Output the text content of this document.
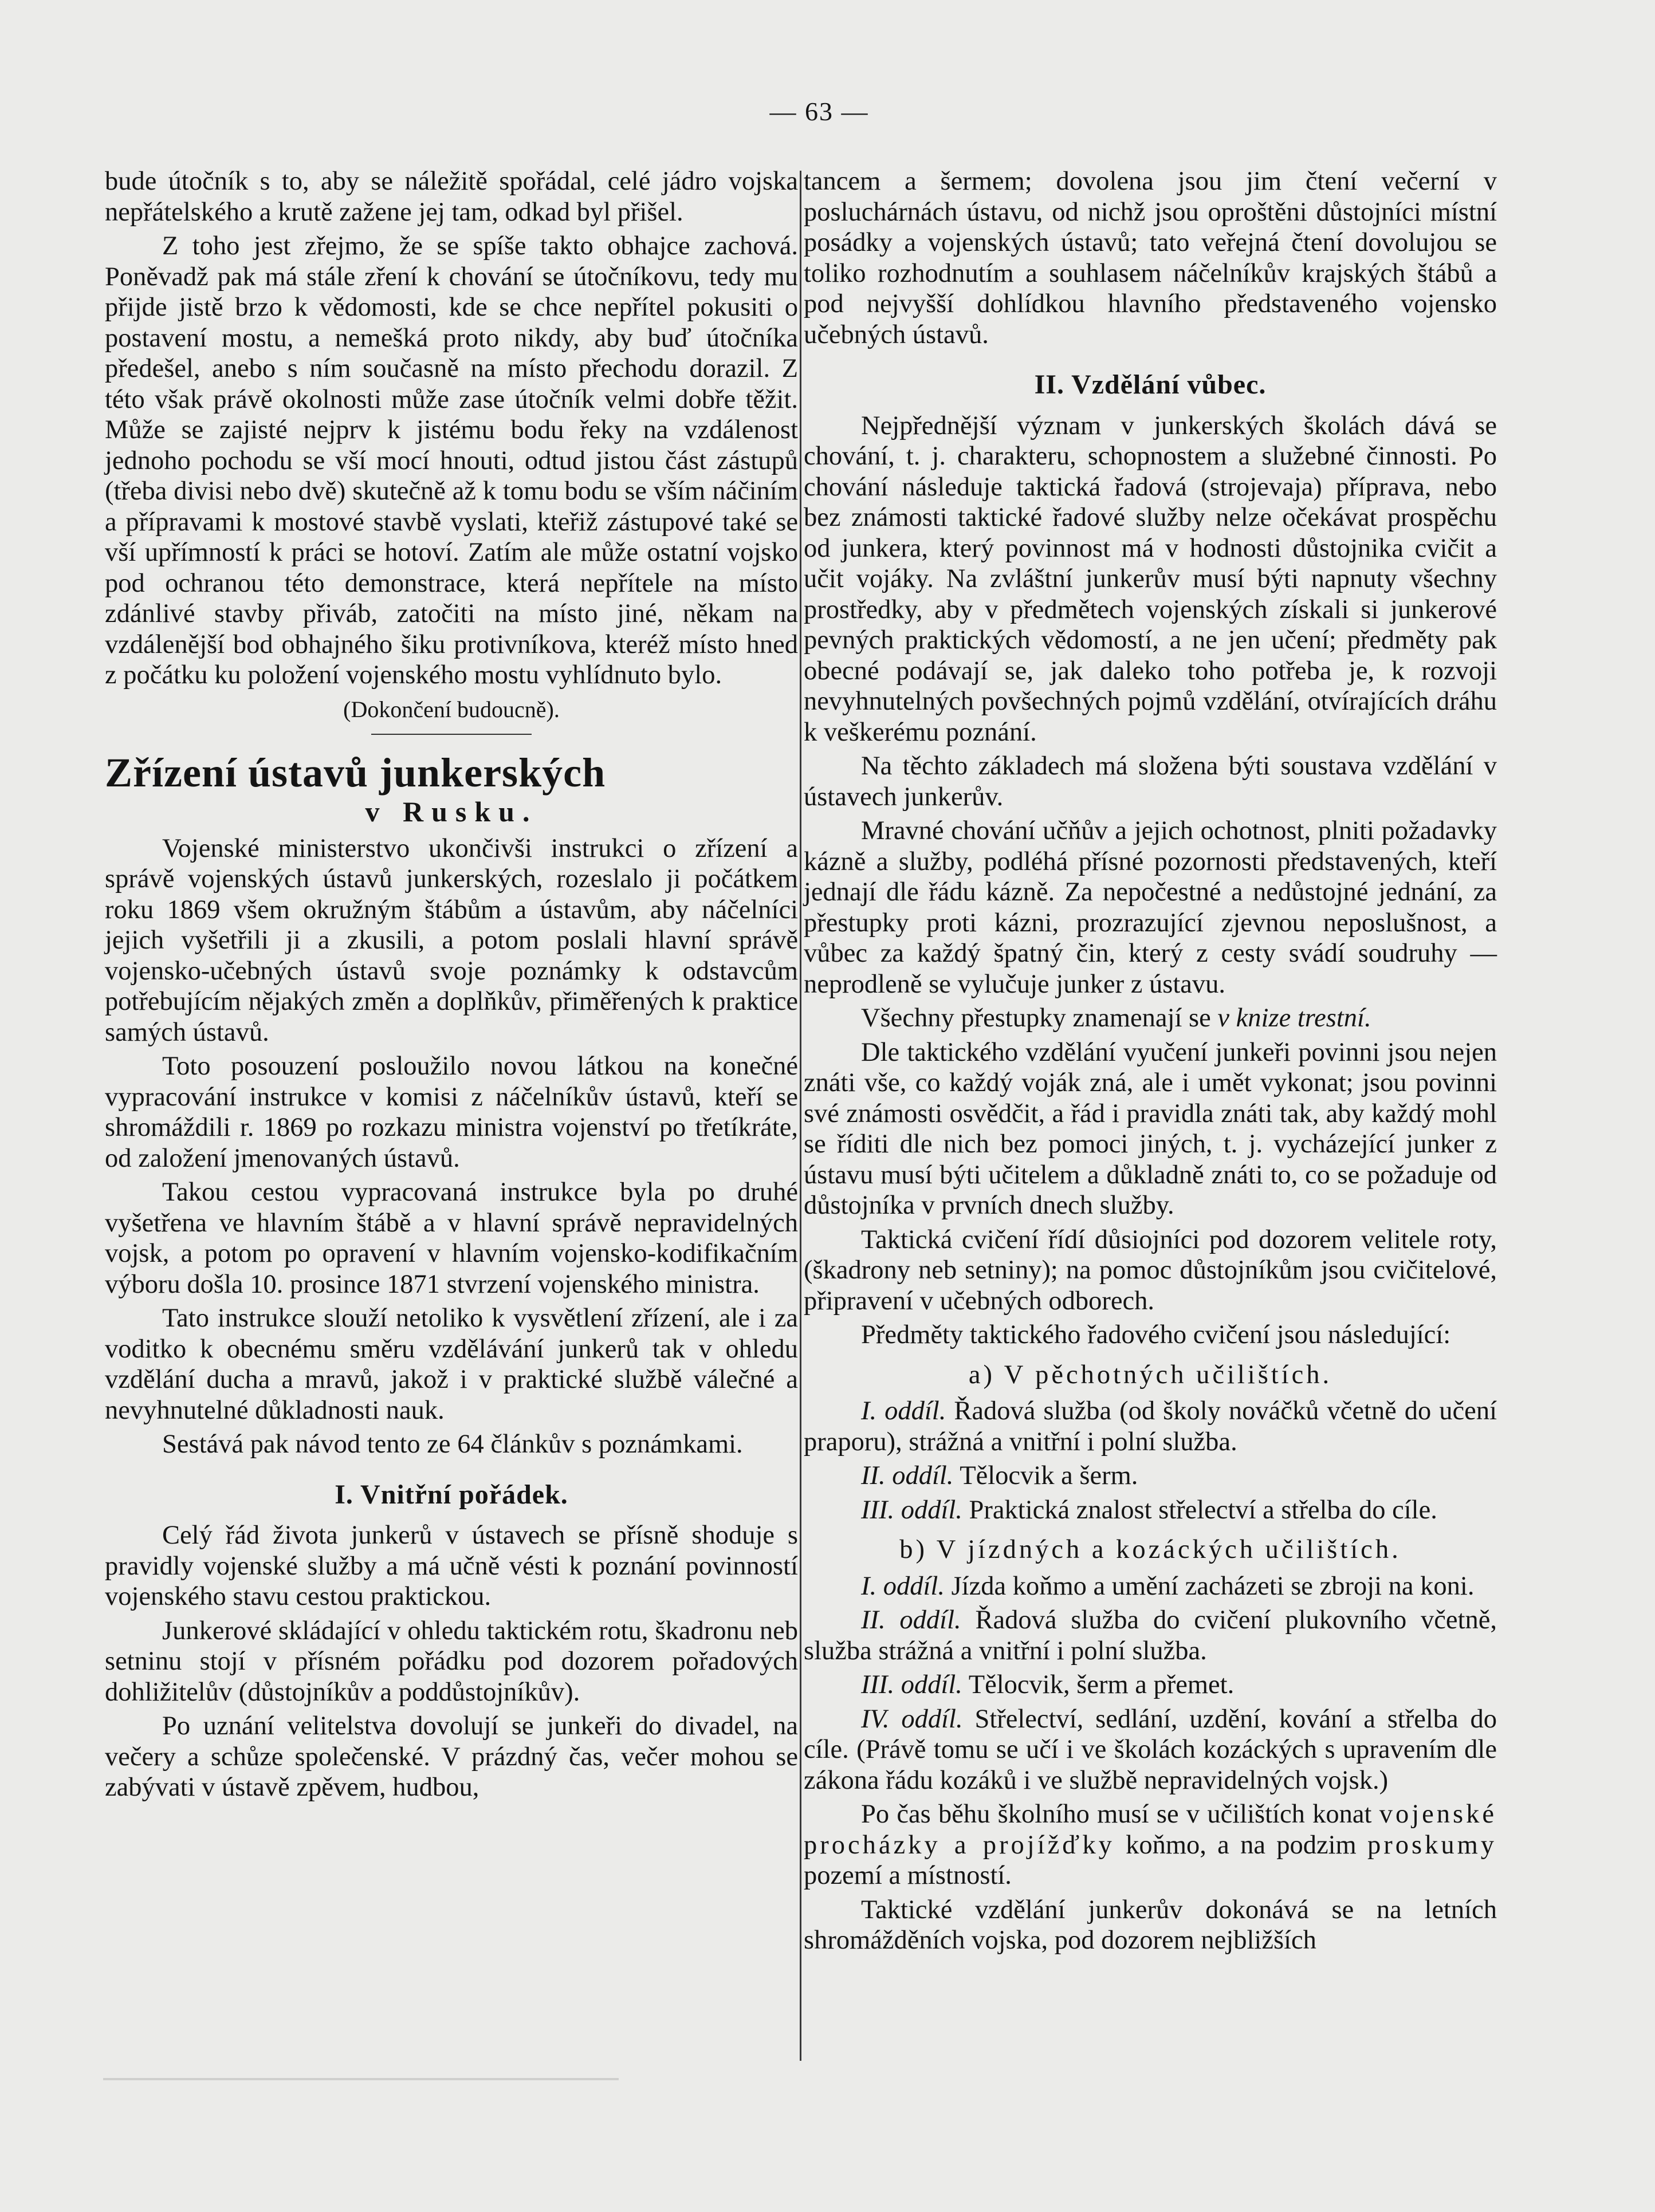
— 63 —

bude útočník s to, aby se náležitě spořádal, celé jádro vojska nepřátelského a krutě zažene jej tam, odkad byl přišel.

Z toho jest zřejmo, že se spíše takto obhajce zachová. Poněvadž pak má stále zření k chování se útočníkovu, tedy mu přijde jistě brzo k vědomosti, kde se chce nepřítel pokusiti o postavení mostu, a nemešká proto nikdy, aby buď útočníka předešel, anebo s ním současně na místo přechodu dorazil. Z této však právě okolnosti může zase útočník velmi dobře těžit. Může se zajisté nejprv k jistému bodu řeky na vzdálenost jednoho pochodu se vší mocí hnouti, odtud jistou část zástupů (třeba divisi nebo dvě) skutečně až k tomu bodu se vším náčiním a přípravami k mostové stavbě vyslati, kteřiž zástupové také se vší upřímností k práci se hotoví. Zatím ale může ostatní vojsko pod ochranou této demonstrace, která nepřítele na místo zdánlivé stavby přiváb, zatočiti na místo jiné, někam na vzdálenější bod obhajného šiku protivníkova, kteréž místo hned z počátku ku položení vojenského mostu vyhlídnuto bylo.

(Dokončení budoucně).

Zřízení ústavů junkerských
v Rusku.

Vojenské ministerstvo ukončivši instrukci o zřízení a správě vojenských ústavů junkerských, rozeslalo ji počátkem roku 1869 všem okružným štábům a ústavům, aby náčelníci jejich vyšetřili ji a zkusili, a potom poslali hlavní správě vojensko-učebných ústavů svoje poznámky k odstavcům potřebujícím nějakých změn a doplňkův, přiměřených k praktice samých ústavů.

Toto posouzení posloužilo novou látkou na konečné vypracování instrukce v komisi z náčelníkův ústavů, kteří se shromáždili r. 1869 po rozkazu ministra vojenství po třetíkráte, od založení jmenovaných ústavů.

Takou cestou vypracovaná instrukce byla po druhé vyšetřena ve hlavním štábě a v hlavní správě nepravidelných vojsk, a potom po opravení v hlavním vojensko-kodifikačním výboru došla 10. prosince 1871 stvrzení vojenského ministra.

Tato instrukce slouží netoliko k vysvětlení zřízení, ale i za voditko k obecnému směru vzdělávání junkerů tak v ohledu vzdělání ducha a mravů, jakož i v praktické službě válečné a nevyhnutelné důkladnosti nauk.

Sestává pak návod tento ze 64 článkův s poznámkami.

I. Vnitřní pořádek.

Celý řád života junkerů v ústavech se přísně shoduje s pravidly vojenské služby a má učně vésti k poznání povinností vojenského stavu cestou praktickou.

Junkerové skládající v ohledu taktickém rotu, škadronu neb setninu stojí v přísném pořádku pod dozorem pořadových dohližitelův (důstojníkův a poddůstojníkův).

Po uznání velitelstva dovolují se junkeři do divadel, na večery a schůze společenské. V prázdný čas, večer mohou se zabývati v ústavě zpěvem, hudbou,

tancem a šermem; dovolena jsou jim čtení večerní v posluchárnách ústavu, od nichž jsou oproštěni důstojníci místní posádky a vojenských ústavů; tato veřejná čtení dovolujou se toliko rozhodnutím a souhlasem náčelníkův krajských štábů a pod nejvyšší dohlídkou hlavního představeného vojensko učebných ústavů.

II. Vzdělání vůbec.

Nejpřednější význam v junkerských školách dává se chování, t. j. charakteru, schopnostem a služebné činnosti. Po chování následuje taktická řadová (strojevaja) příprava, nebo bez známosti taktické řadové služby nelze očekávat prospěchu od junkera, který povinnost má v hodnosti důstojnika cvičit a učit vojáky. Na zvláštní junkerův musí býti napnuty všechny prostředky, aby v předmětech vojenských získali si junkerové pevných praktických vědomostí, a ne jen učení; předměty pak obecné podávají se, jak daleko toho potřeba je, k rozvoji nevyhnutelných povšechných pojmů vzdělání, otvírajících dráhu k veškerému poznání.

Na těchto základech má složena býti soustava vzdělání v ústavech junkerův.

Mravné chování učňův a jejich ochotnost, plniti požadavky kázně a služby, podléhá přísné pozornosti představených, kteří jednají dle řádu kázně. Za nepočestné a nedůstojné jednání, za přestupky proti kázni, prozrazující zjevnou neposlušnost, a vůbec za každý špatný čin, který z cesty svádí soudruhy — neprodleně se vylučuje junker z ústavu.

Všechny přestupky znamenají se v knize trestní.

Dle taktického vzdělání vyučení junkeři povinni jsou nejen znáti vše, co každý voják zná, ale i umět vykonat; jsou povinni své známosti osvědčit, a řád i pravidla znáti tak, aby každý mohl se říditi dle nich bez pomoci jiných, t. j. vycházející junker z ústavu musí býti učitelem a důkladně znáti to, co se požaduje od důstojníka v prvních dnech služby.

Taktická cvičení řídí důsiojníci pod dozorem velitele roty, (škadrony neb setniny); na pomoc důstojníkům jsou cvičitelové, připravení v učebných odborech.

Předměty taktického řadového cvičení jsou následující:

a) V pěchotných učilištích.

I. oddíl. Řadová služba (od školy nováčků včetně do učení praporu), strážná a vnitřní i polní služba.

II. oddíl. Tělocvik a šerm.

III. oddíl. Praktická znalost střelectví a střelba do cíle.

b) V jízdných a kozáckých učilištích.

I. oddíl. Jízda koňmo a umění zacházeti se zbroji na koni.

II. oddíl. Řadová služba do cvičení plukovního včetně, služba strážná a vnitřní i polní služba.

III. oddíl. Tělocvik, šerm a přemet.

IV. oddíl. Střelectví, sedlání, uzdění, kování a střelba do cíle. (Právě tomu se učí i ve školách kozáckých s upravením dle zákona řádu kozáků i ve službě nepravidelných vojsk.)

Po čas běhu školního musí se v učilištích konat vojenské procházky a projížďky koňmo, a na podzim proskumy pozemí a místností.

Taktické vzdělání junkerův dokonává se na letních shromážděních vojska, pod dozorem nejbližších
